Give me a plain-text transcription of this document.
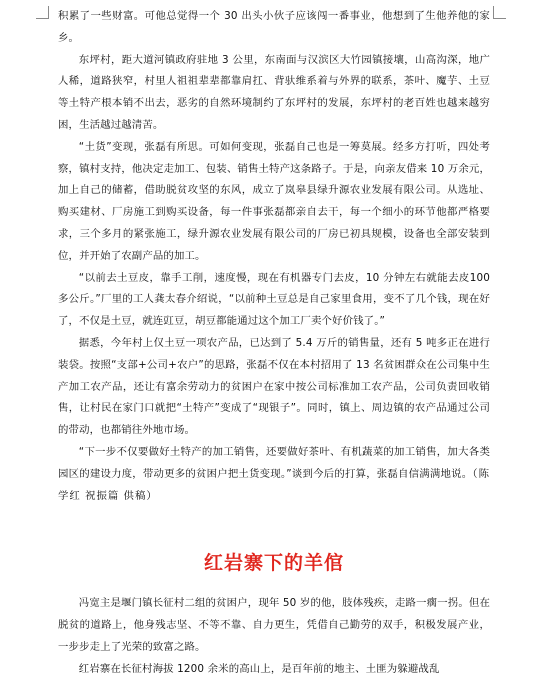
积累了一些财富。可他总觉得一个 30 出头小伙子应该闯一番事业，他想到了生他养他的家乡。

东坪村，距大道河镇政府驻地 3 公里，东南面与汉滨区大竹园镇接壤，山高沟深，地广人稀，道路狭窄，村里人祖祖辈辈都靠肩扛、背驮维系着与外界的联系，茶叶、魔芋、土豆等土特产根本销不出去，恶劣的自然环境制约了东坪村的发展，东坪村的老百姓也越来越穷困，生活越过越清苦。

“土货”变现，张磊有所思。可如何变现，张磊自己也是一筹莫展。经多方打听，四处考察，镇村支持，他决定走加工、包装、销售土特产这条路子。于是，向亲友借来 10 万余元，加上自己的储蓄，借助脱贫攻坚的东风，成立了岚皋县绿升源农业发展有限公司。从选址、购买建材、厂房施工到购买设备，每一件事张磊都亲自去干，每一个细小的环节他都严格要求，三个多月的紧张施工，绿升源农业发展有限公司的厂房已初具规模，设备也全部安装到位，并开始了农副产品的加工。

“以前去土豆皮，靠手工削，速度慢，现在有机器专门去皮，10 分钟左右就能去皮100 多公斤。”厂里的工人龚太春介绍说，“以前种土豆总是自己家里食用，变不了几个钱，现在好了，不仅是土豆，就连豇豆，胡豆都能通过这个加工厂卖个好价钱了。”

据悉，今年村上仅土豆一项农产品，已达到了 5.4 万斤的销售量，还有 5 吨多正在进行装袋。按照“支部+公司+农户”的思路，张磊不仅在本村招用了 13 名贫困群众在公司集中生产加工农产品，还让有富余劳动力的贫困户在家中按公司标准加工农产品，公司负责回收销售，让村民在家门口就把“土特产”变成了“现银子”。同时，镇上、周边镇的农产品通过公司的带动，也都销往外地市场。

“下一步不仅要做好土特产的加工销售，还要做好茶叶、有机蔬菜的加工销售，加大各类园区的建设力度，带动更多的贫困户把土货变现。”谈到今后的打算，张磊自信满满地说。（陈学红 祝振篇 供稿）

红岩寨下的羊倌

冯宽主是堰门镇长征村二组的贫困户，现年 50 岁的他，肢体残疾，走路一瘸一拐。但在脱贫的道路上，他身残志坚、不等不靠、自力更生，凭借自己勤劳的双手，积极发展产业，一步步走上了光荣的致富之路。

红岩寨在长征村海拔 1200 余米的高山上，是百年前的地主、土匪为躲避战乱
